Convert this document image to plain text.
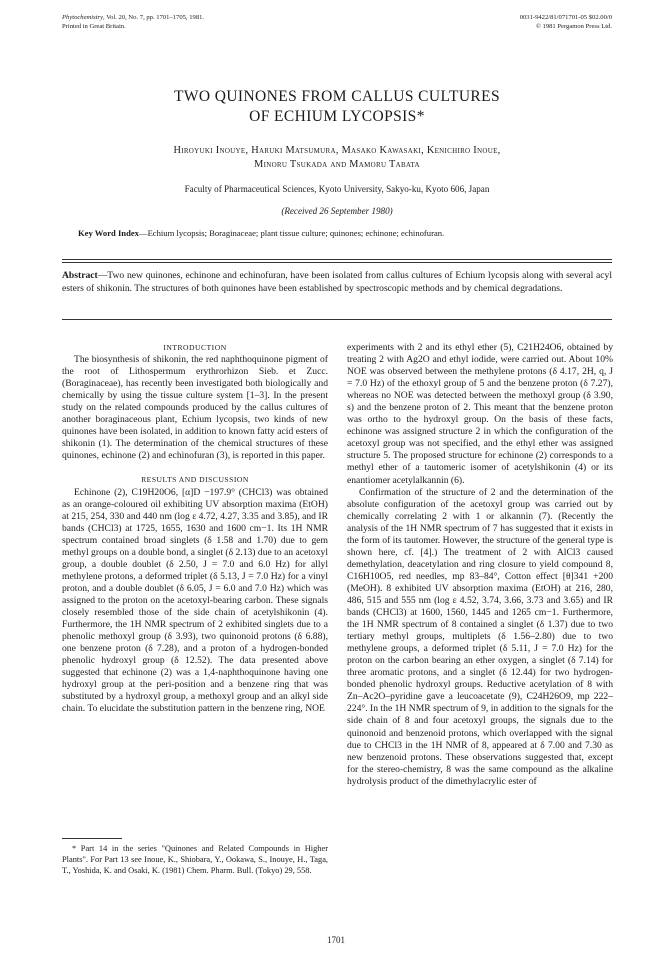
Phytochemistry, Vol. 20, No. 7, pp. 1701–1705, 1981.
Printed in Great Britain.
0031-9422/81/071701-05 $02.00/0
© 1981 Pergamon Press Ltd.
TWO QUINONES FROM CALLUS CULTURES
OF ECHIUM LYCOPSIS*
Hiroyuki Inouye, Haruki Matsumura, Masako Kawasaki, Kenichiro Inoue,
Minoru Tsukada and Mamoru Tabata
Faculty of Pharmaceutical Sciences, Kyoto University, Sakyo-ku, Kyoto 606, Japan
(Received 26 September 1980)
Key Word Index—Echium lycopsis; Boraginaceae; plant tissue culture; quinones; echinone; echinofuran.
Abstract—Two new quinones, echinone and echinofuran, have been isolated from callus cultures of Echium lycopsis along with several acyl esters of shikonin. The structures of both quinones have been established by spectroscopic methods and by chemical degradations.

INTRODUCTION

The biosynthesis of shikonin, the red naphthoquinone pigment of the root of Lithospermum erythrorhizon Sieb. et Zucc. (Boraginaceae), has recently been investigated both biologically and chemically by using the tissue culture system [1–3]. In the present study on the related compounds produced by the callus cultures of another boraginaceous plant, Echium lycopsis, two kinds of new quinones have been isolated, in addition to known fatty acid esters of shikonin (1). The determination of the chemical structures of these quinones, echinone (2) and echinofuran (3), is reported in this paper.

RESULTS AND DISCUSSION

Echinone (2), C19H20O6, [α]D −197.9° (CHCl3) was obtained as an orange-coloured oil exhibiting UV absorption maxima (EtOH) at 215, 254, 330 and 440 nm (log ε 4.72, 4.27, 3.35 and 3.85), and IR bands (CHCl3) at 1725, 1655, 1630 and 1600 cm−1. Its 1H NMR spectrum contained broad singlets (δ 1.58 and 1.70) due to gem methyl groups on a double bond, a singlet (δ 2.13) due to an acetoxyl group, a double doublet (δ 2.50, J = 7.0 and 6.0 Hz) for allyl methylene protons, a deformed triplet (δ 5.13, J = 7.0 Hz) for a vinyl proton, and a double doublet (δ 6.05, J = 6.0 and 7.0 Hz) which was assigned to the proton on the acetoxyl-bearing carbon. These signals closely resembled those of the side chain of acetylshikonin (4). Furthermore, the 1H NMR spectrum of 2 exhibited singlets due to a phenolic methoxyl group (δ 3.93), two quinonoid protons (δ 6.88), one benzene proton (δ 7.28), and a proton of a hydrogen-bonded phenolic hydroxyl group (δ 12.52). The data presented above suggested that echinone (2) was a 1,4-naphthoquinone having one hydroxyl group at the peri-position and a benzene ring that was substituted by a hydroxyl group, a methoxyl group and an alkyl side chain. To elucidate the substitution pattern in the benzene ring, NOE

experiments with 2 and its ethyl ether (5), C21H24O6, obtained by treating 2 with Ag2O and ethyl iodide, were carried out. About 10% NOE was observed between the methylene protons (δ 4.17, 2H, q, J = 7.0 Hz) of the ethoxyl group of 5 and the benzene proton (δ 7.27), whereas no NOE was detected between the methoxyl group (δ 3.90, s) and the benzene proton of 2. This meant that the benzene proton was ortho to the hydroxyl group. On the basis of these facts, echinone was assigned structure 2 in which the configuration of the acetoxyl group was not specified, and the ethyl ether was assigned structure 5. The proposed structure for echinone (2) corresponds to a methyl ether of a tautomeric isomer of acetylshikonin (4) or its enantiomer acetylalkannin (6).

Confirmation of the structure of 2 and the determination of the absolute configuration of the acetoxyl group was carried out by chemically correlating 2 with 1 or alkannin (7). (Recently the analysis of the 1H NMR spectrum of 7 has suggested that it exists in the form of its tautomer. However, the structure of the general type is shown here, cf. [4].) The treatment of 2 with AlCl3 caused demethylation, deacetylation and ring closure to yield compound 8, C16H10O5, red needles, mp 83–84°, Cotton effect [θ]341 +200 (MeOH). 8 exhibited UV absorption maxima (EtOH) at 216, 280, 486, 515 and 555 nm (log ε 4.52, 3.74, 3.66, 3.73 and 3.65) and IR bands (CHCl3) at 1600, 1560, 1445 and 1265 cm−1. Furthermore, the 1H NMR spectrum of 8 contained a singlet (δ 1.37) due to two tertiary methyl groups, multiplets (δ 1.56–2.80) due to two methylene groups, a deformed triplet (δ 5.11, J = 7.0 Hz) for the proton on the carbon bearing an ether oxygen, a singlet (δ 7.14) for three aromatic protons, and a singlet (δ 12.44) for two hydrogen-bonded phenolic hydroxyl groups. Reductive acetylation of 8 with Zn–Ac2O–pyridine gave a leucoacetate (9), C24H26O9, mp 222–224°. In the 1H NMR spectrum of 9, in addition to the signals for the side chain of 8 and four acetoxyl groups, the signals due to the quinonoid and benzenoid protons, which overlapped with the signal due to CHCl3 in the 1H NMR of 8, appeared at δ 7.00 and 7.30 as new benzenoid protons. These observations suggested that, except for the stereo-chemistry, 8 was the same compound as the alkaline hydrolysis product of the dimethylacrylic ester of

* Part 14 in the series "Quinones and Related Compounds in Higher Plants". For Part 13 see Inoue, K., Shiobara, Y., Ookawa, S., Inouye, H., Taga, T., Yoshida, K. and Osaki, K. (1981) Chem. Pharm. Bull. (Tokyo) 29, 558.
1701
